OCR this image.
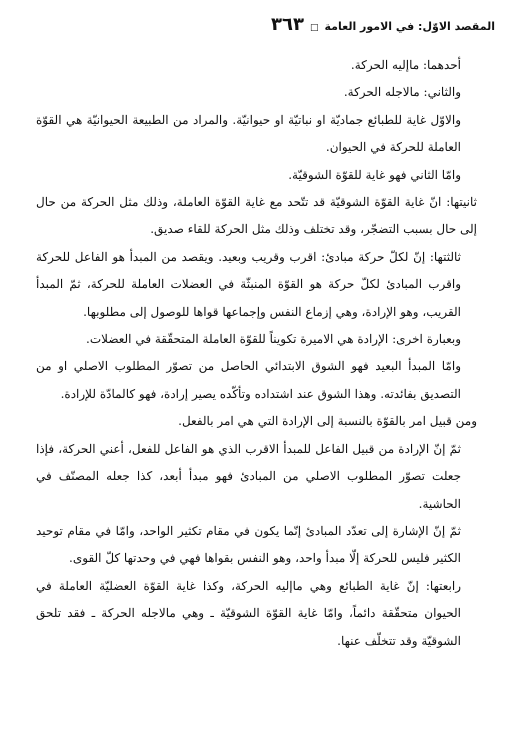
المقصد الاوّل: في الامور العامة
□
٣٦٣

أحدهما: ماإليه الحركة.

والثاني: مالاجله الحركة.

والاوّل غاية للطبائع جماديّة او نباتيّة او حيوانيّة. والمراد من الطبيعة الحيوانيّة هي القوّة العاملة للحركة في الحيوان.

وامّا الثاني فهو غاية للقوّة الشوقيّة.

ثانيتها: انّ غاية القوّة الشوقيّة قد تتّحد مع غاية القوّة العاملة، وذلك مثل الحركة من حال إلى حال بسبب التضجّر، وقد تختلف وذلك مثل الحركة للقاء صديق.

ثالثتها: إنّ لكلّ حركة مبادئ: اقرب وقريب وبعيد. ويقصد من المبدأ هو الفاعل للحركة واقرب المبادئ لكلّ حركة هو القوّة المنبثّة في العضلات العاملة للحركة، ثمّ المبدأ القريب، وهو الإرادة، وهي إزماع النفس وإجماعها قواها للوصول إلى مطلوبها.

وبعبارة اخرى: الإرادة هي الاميرة تكويناً للقوّة العاملة المتحقّقة في العضلات.

وامّا المبدأ البعيد فهو الشوق الابتدائي الحاصل من تصوّر المطلوب الاصلي او من التصديق بفائدته. وهذا الشوق عند اشتداده وتأكّده يصير إرادة، فهو كالمادّة للإرادة.

ومن قبيل امر بالقوّة بالنسبة إلى الإرادة التي هي امر بالفعل.

ثمّ إنّ الإرادة من قبيل الفاعل للمبدأ الاقرب الذي هو الفاعل للفعل، أعني الحركة، فإذا جعلت تصوّر المطلوب الاصلي من المبادئ فهو مبدأ أبعد، كذا جعله المصنّف في الحاشية.

ثمّ إنّ الإشارة إلى تعدّد المبادئ إنّما يكون في مقام تكثير الواحد، وامّا في مقام توحيد الكثير فليس للحركة إلّا مبدأ واحد، وهو النفس بقواها فهي في وحدتها كلّ القوى.

رابعتها: إنّ غاية الطبائع وهي ماإليه الحركة، وكذا غاية القوّة العضليّة العاملة في الحيوان متحقّقة دائماً، وامّا غاية القوّة الشوقيّة ـ وهي مالاجله الحركة ـ فقد تلحق الشوقيّة وقد تتخلّف عنها.
